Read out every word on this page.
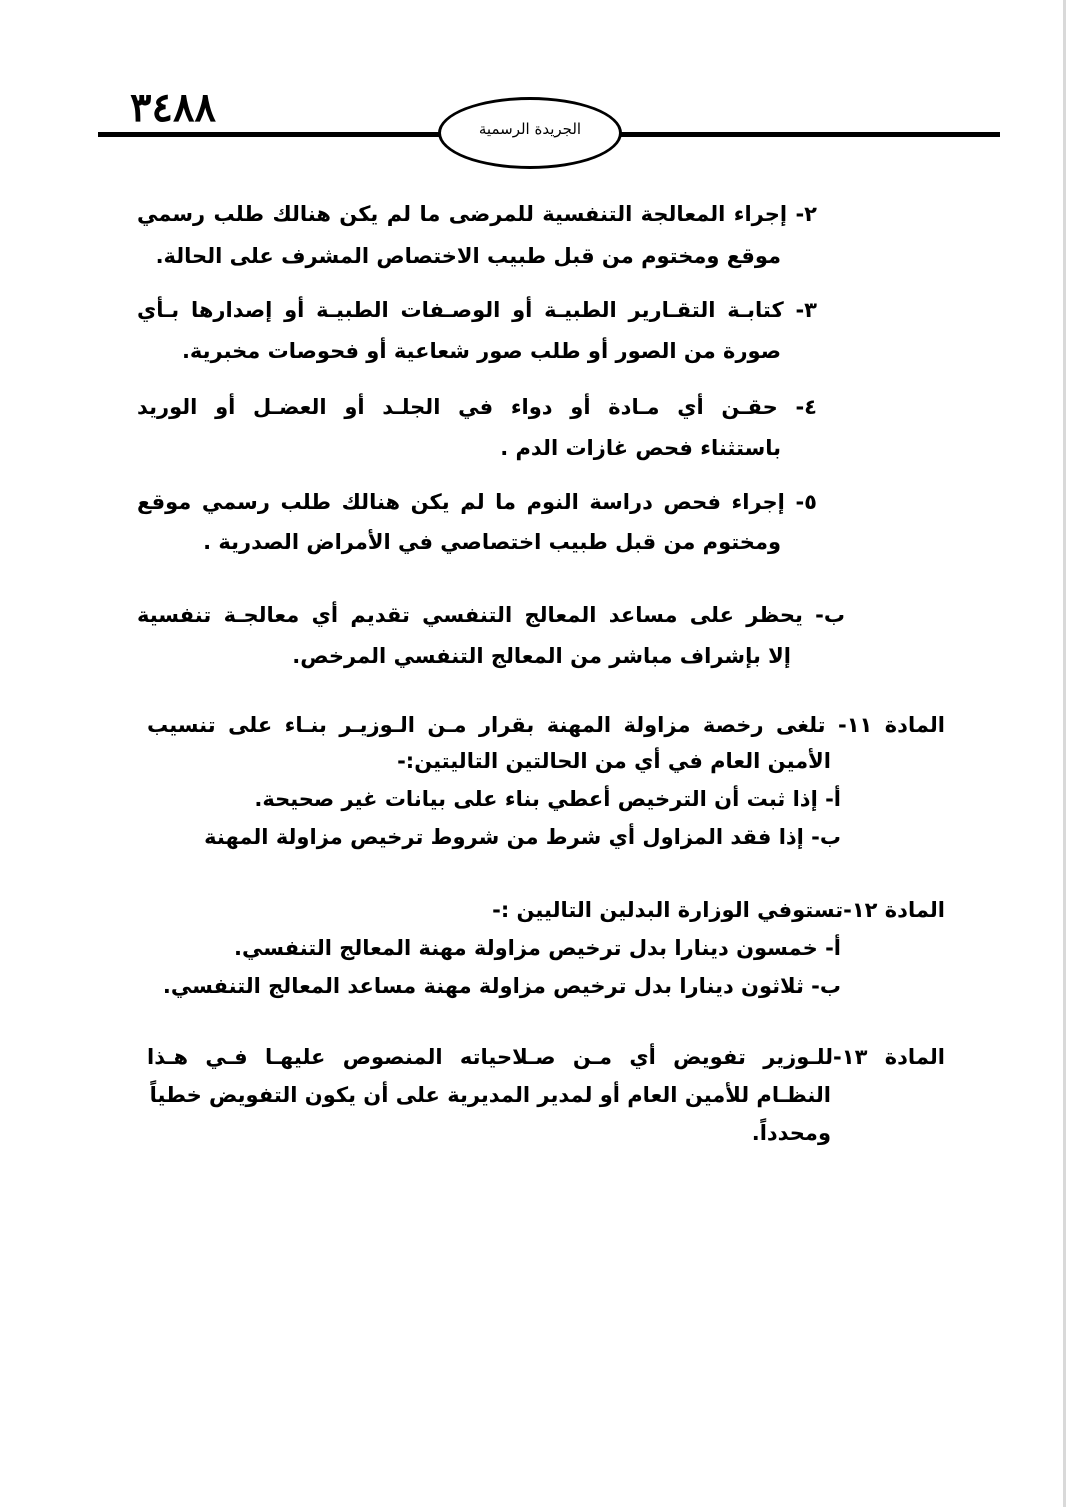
٣٤٨٨	الجريدة الرسمية
٢- إجراء المعالجة التنفسية للمرضى ما لم يكن هنالك طلب رسمي
موقع ومختوم من قبل طبيب الاختصاص المشرف على الحالة.
٣- كتابـة التقـارير الطبيـة أو الوصـفات الطبيـة أو إصدارها بـأي
صورة من الصور أو طلب صور شعاعية أو فحوصات مخبرية.
٤- حقـن أي مـادة أو دواء في الجلـد أو العضـل أو الوريد
باستثناء فحص غازات الدم .
٥- إجراء فحص دراسة النوم ما لم يكن هنالك طلب رسمي موقع
ومختوم من قبل طبيب اختصاصي في الأمراض الصدرية .
ب- يحظر على مساعد المعالج التنفسي تقديم أي معالجـة تنفسية
إلا بإشراف مباشر من المعالج التنفسي المرخص.
المادة ١١- تلغى رخصة مزاولة المهنة بقرار مـن الـوزيـر بنـاء على تنسيب
الأمين العام في أي من الحالتين التاليتين:-
أ- إذا ثبت أن الترخيص أعطي بناء على بيانات غير صحيحة.
ب- إذا فقد المزاول أي شرط من شروط ترخيص مزاولة المهنة
المادة ١٢-تستوفي الوزارة البدلين التاليين :-
أ- خمسون دينارا بدل ترخيص مزاولة مهنة المعالج التنفسي.
ب- ثلاثون دينارا بدل ترخيص مزاولة مهنة مساعد المعالج التنفسي.
المادة ١٣-للـوزير تفويض أي مـن صـلاحياته المنصوص عليهـا فـي هـذا
النظـام للأمين العام أو لمدير المديرية على أن يكون التفويض خطياً
ومحدداً.
